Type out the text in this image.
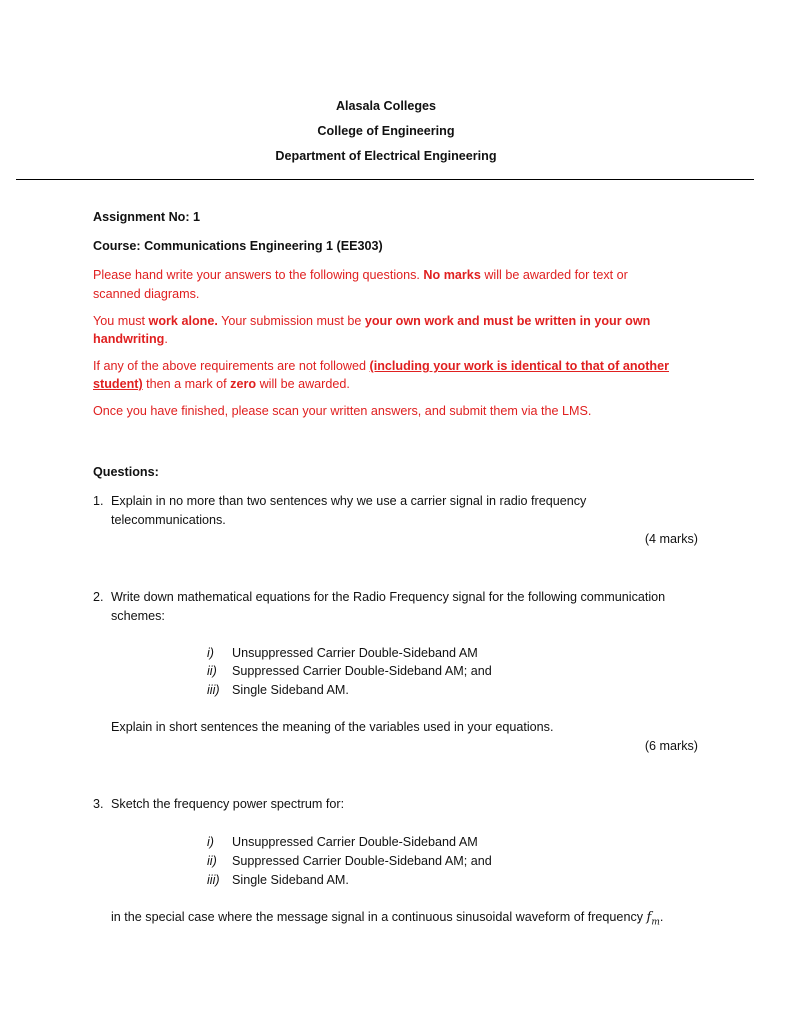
Alasala Colleges
College of Engineering
Department of Electrical Engineering
Assignment No: 1
Course: Communications Engineering 1 (EE303)
Please hand write your answers to the following questions. No marks will be awarded for text or
scanned diagrams.
You must work alone. Your submission must be your own work and must be written in your own
handwriting.
If any of the above requirements are not followed (including your work is identical to that of another
student) then a mark of zero will be awarded.
Once you have finished, please scan your written answers, and submit them via the LMS.
Questions:
1. Explain in no more than two sentences why we use a carrier signal in radio frequency
telecommunications.
(4 marks)
2. Write down mathematical equations for the Radio Frequency signal for the following communication
schemes:
i) Unsuppressed Carrier Double-Sideband AM
ii) Suppressed Carrier Double-Sideband AM; and
iii) Single Sideband AM.
Explain in short sentences the meaning of the variables used in your equations.
(6 marks)
3. Sketch the frequency power spectrum for:
i) Unsuppressed Carrier Double-Sideband AM
ii) Suppressed Carrier Double-Sideband AM; and
iii) Single Sideband AM.
in the special case where the message signal in a continuous sinusoidal waveform of frequency $f_m$.
